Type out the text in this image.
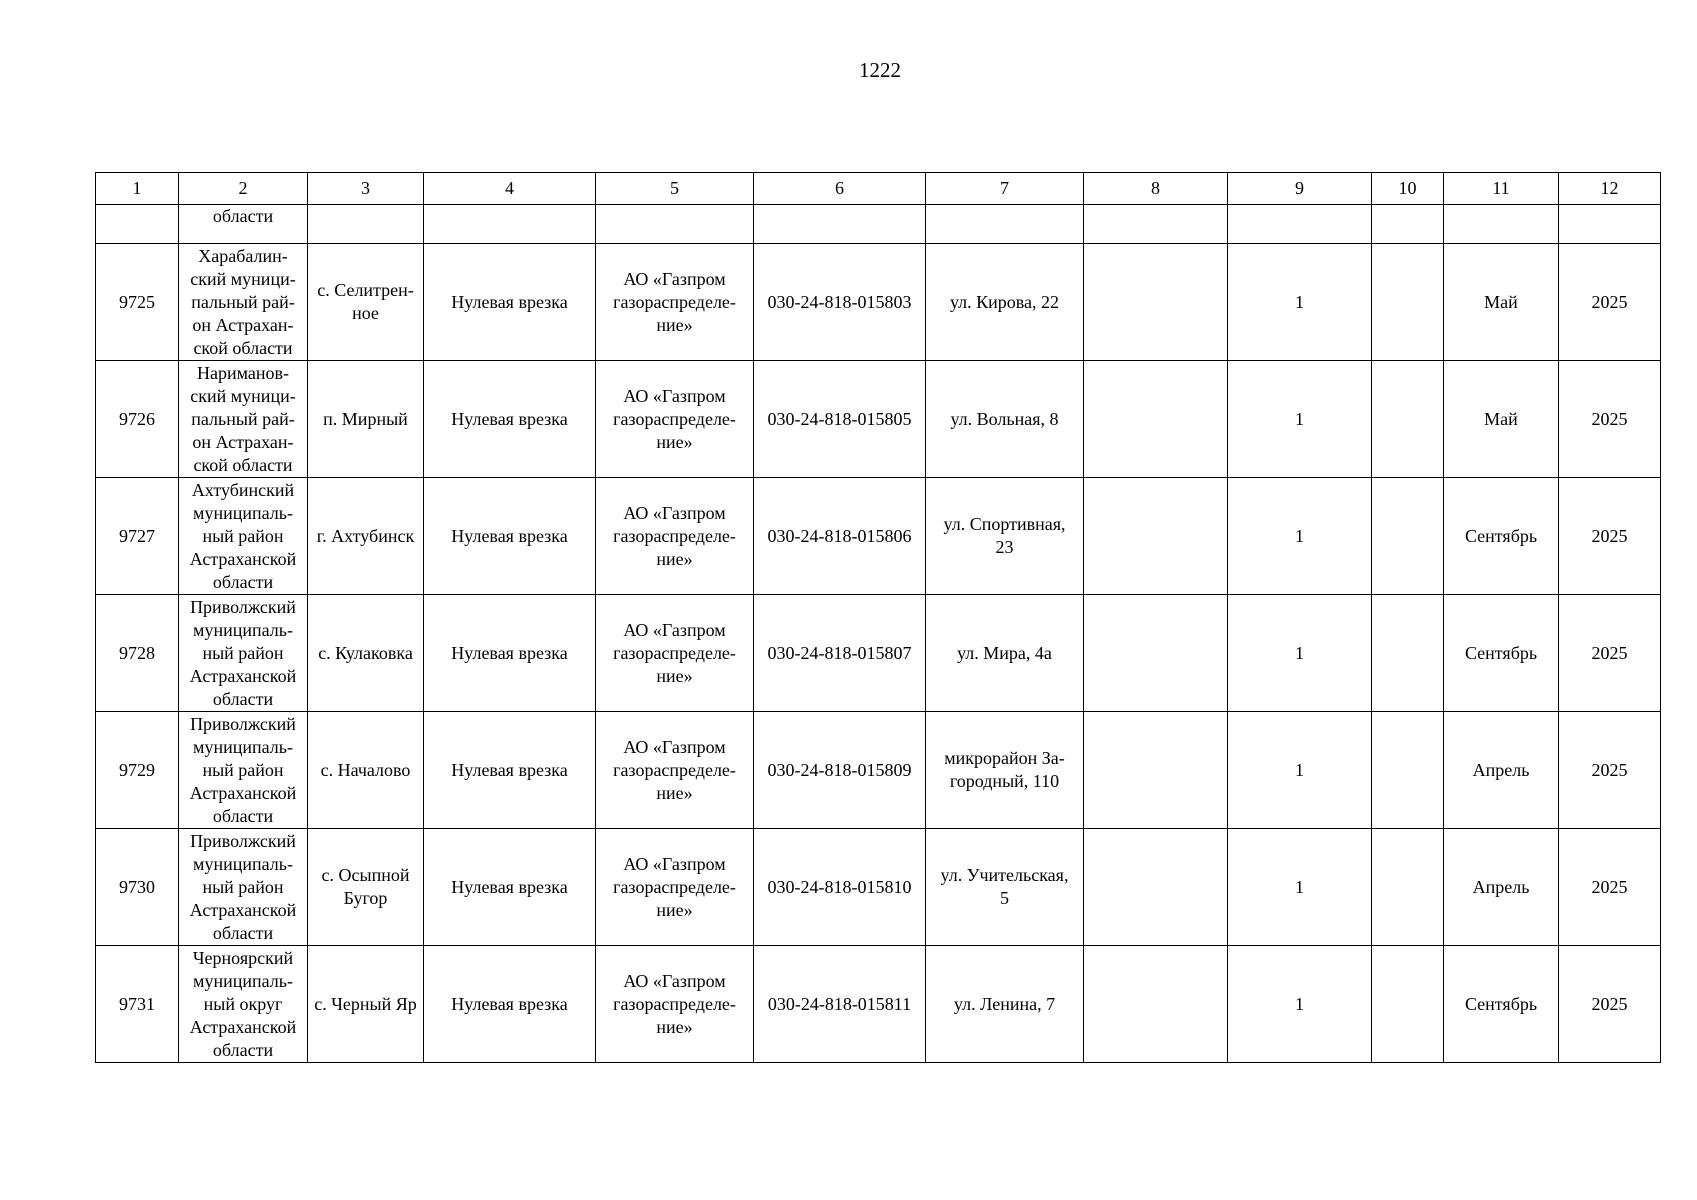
1222
1	2	3	4	5	6	7	8	9	10	11	12
	области										
9725	Харабалин-
ский муници-
пальный рай-
он Астрахан-
ской области	с. Селитрен-
ное	Нулевая врезка	АО «Газпром
газораспределе-
ние»	030-24-818-015803	ул. Кирова, 22		1		Май	2025
9726	Нариманов-
ский муници-
пальный рай-
он Астрахан-
ской области	п. Мирный	Нулевая врезка	АО «Газпром
газораспределе-
ние»	030-24-818-015805	ул. Вольная, 8		1		Май	2025
9727	Ахтубинский
муниципаль-
ный район
Астраханской
области	г. Ахтубинск	Нулевая врезка	АО «Газпром
газораспределе-
ние»	030-24-818-015806	ул. Спортивная,
23		1		Сентябрь	2025
9728	Приволжский
муниципаль-
ный район
Астраханской
области	с. Кулаковка	Нулевая врезка	АО «Газпром
газораспределе-
ние»	030-24-818-015807	ул. Мира, 4а		1		Сентябрь	2025
9729	Приволжский
муниципаль-
ный район
Астраханской
области	с. Началово	Нулевая врезка	АО «Газпром
газораспределе-
ние»	030-24-818-015809	микрорайон За-
городный, 110		1		Апрель	2025
9730	Приволжский
муниципаль-
ный район
Астраханской
области	с. Осыпной
Бугор	Нулевая врезка	АО «Газпром
газораспределе-
ние»	030-24-818-015810	ул. Учительская,
5		1		Апрель	2025
9731	Черноярский
муниципаль-
ный округ
Астраханской
области	с. Черный Яр	Нулевая врезка	АО «Газпром
газораспределе-
ние»	030-24-818-015811	ул. Ленина, 7		1		Сентябрь	2025
